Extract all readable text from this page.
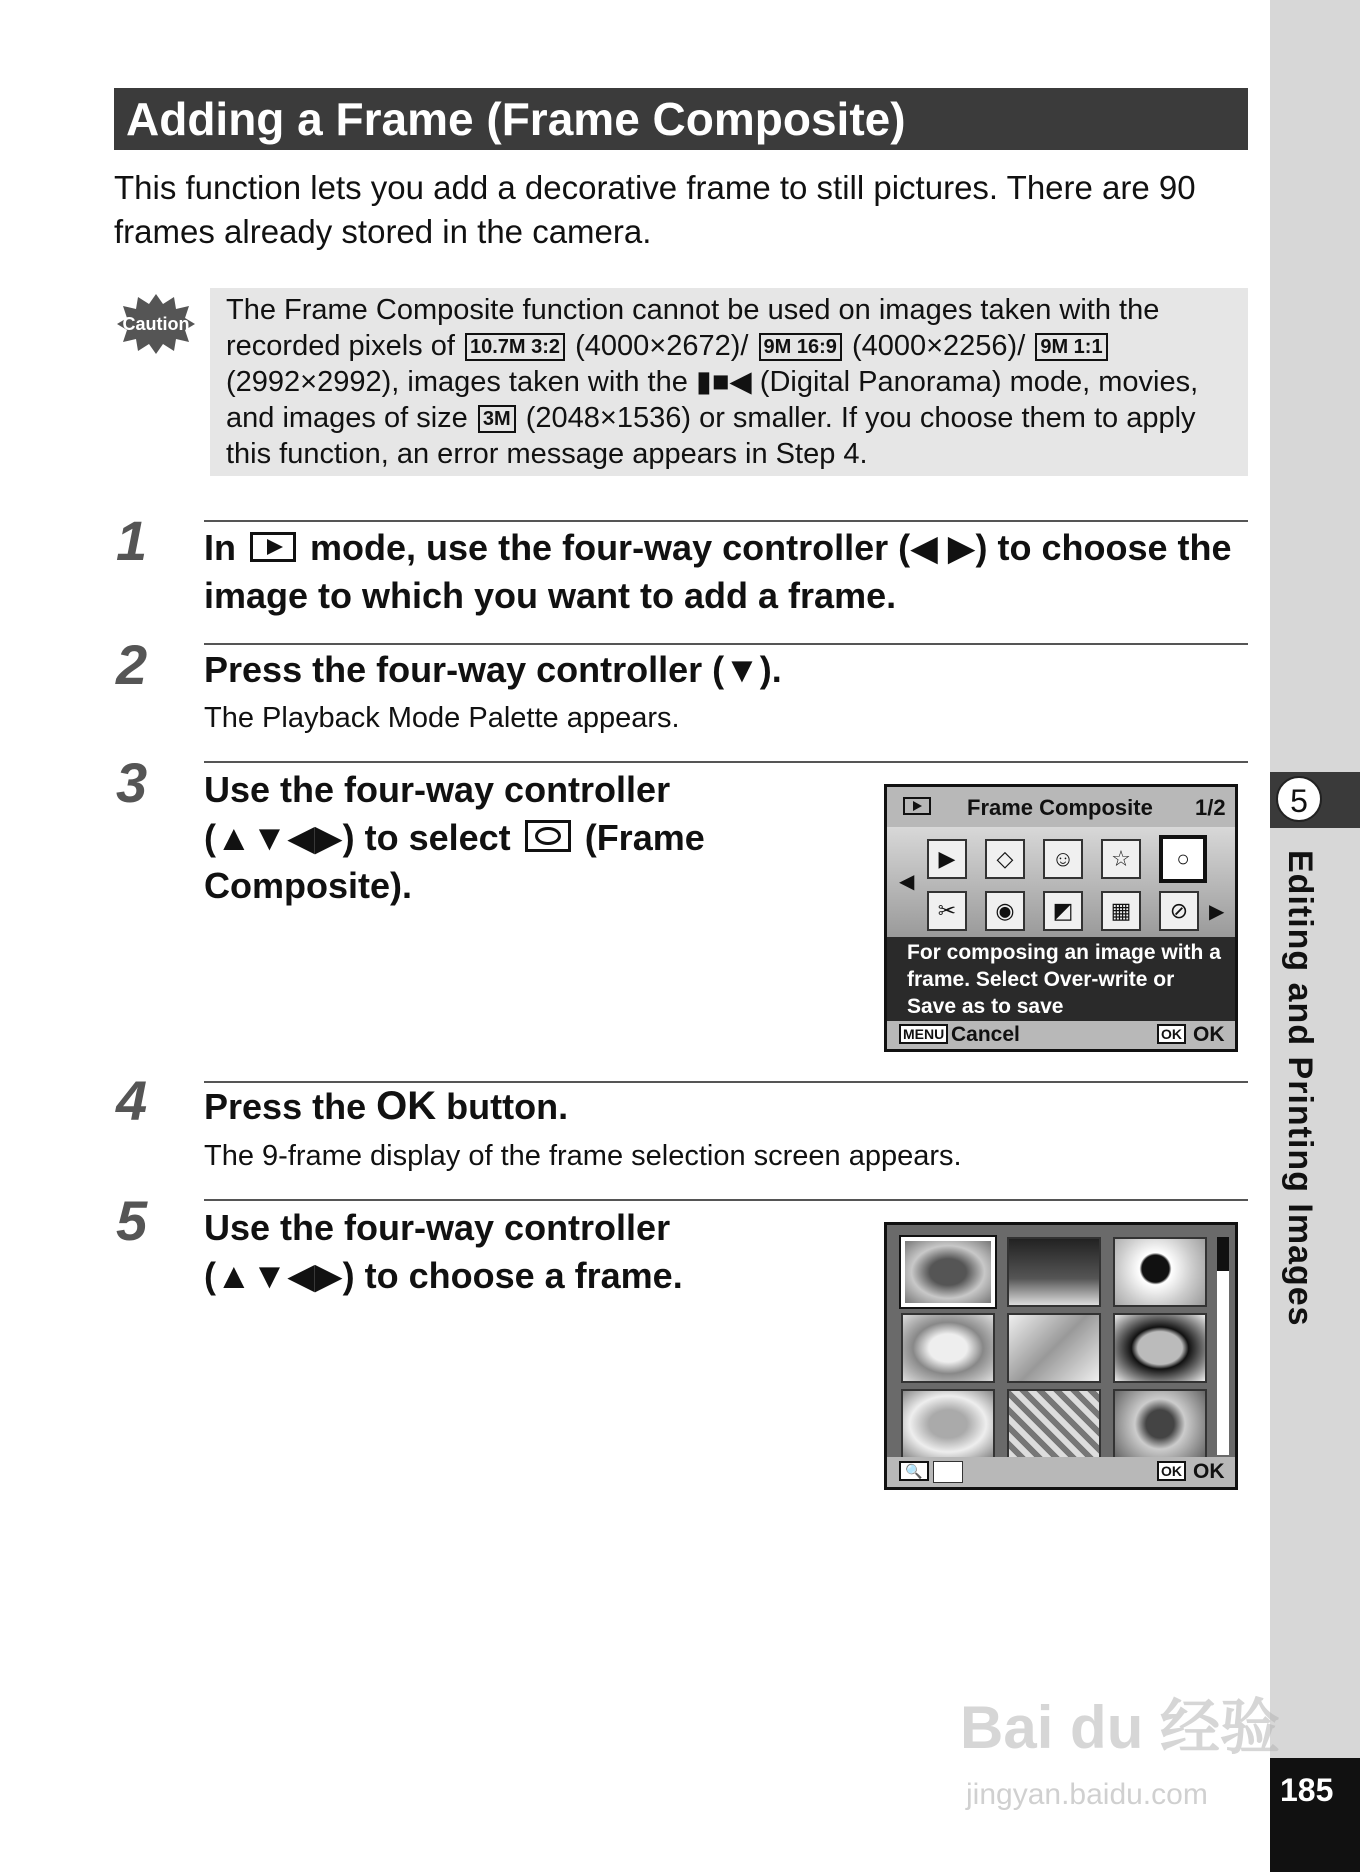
5
Editing and Printing Images
185
Adding a Frame (Frame Composite)
This function lets you add a decorative frame to still pictures. There are 90 frames already stored in the camera.
Caution	The Frame Composite function cannot be used on images taken with the recorded pixels of 10.7M 3:2 (4000×2672)/ 9M 16:9 (4000×2256)/ 9M 1:1 (2992×2992), images taken with the ▮■◀ (Digital Panorama) mode, movies, and images of size 3M (2048×1536) or smaller. If you choose them to apply this function, an error message appears in Step 4.
1 In mode, use the four-way controller (◀ ▶) to choose the image to which you want to add a frame.
2 Press the four-way controller (▼).
The Playback Mode Palette appears.
3 Use the four-way controller (▲▼◀▶) to select (Frame Composite).
Frame Composite 1/2
◀
▶	◇	☺	☆	○
✂	◉	◩	▦	⊘	▶
For composing an image with a frame. Select Over-write or Save as to save
MENU Cancel	OK OK
4 Press the OK button.
The 9-frame display of the frame selection screen appears.
5 Use the four-way controller (▲▼◀▶) to choose a frame.
🔍	OK OK
Bai du 经验
jingyan.baidu.com
